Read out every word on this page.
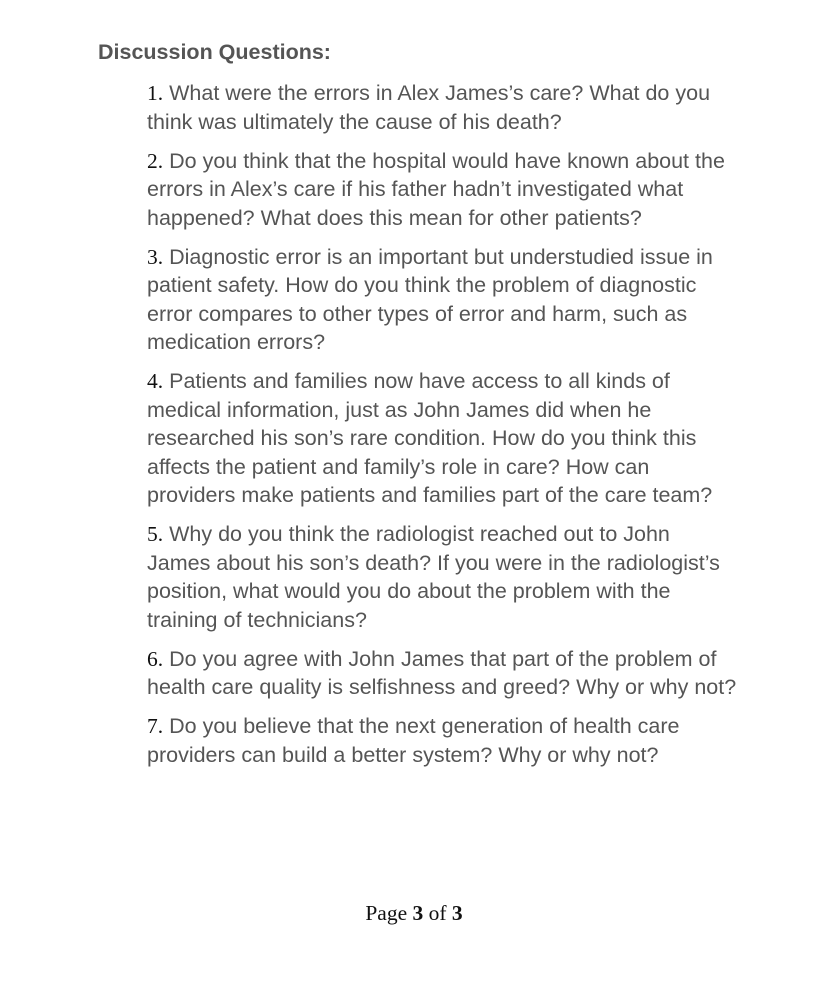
Discussion Questions:
1. What were the errors in Alex James’s care? What do you think was ultimately the cause of his death?
2. Do you think that the hospital would have known about the errors in Alex’s care if his father hadn’t investigated what happened? What does this mean for other patients?
3. Diagnostic error is an important but understudied issue in patient safety. How do you think the problem of diagnostic error compares to other types of error and harm, such as medication errors?
4. Patients and families now have access to all kinds of medical information, just as John James did when he researched his son’s rare condition. How do you think this affects the patient and family’s role in care? How can providers make patients and families part of the care team?
5. Why do you think the radiologist reached out to John James about his son’s death? If you were in the radiologist’s position, what would you do about the problem with the training of technicians?
6. Do you agree with John James that part of the problem of health care quality is selfishness and greed? Why or why not?
7. Do you believe that the next generation of health care providers can build a better system? Why or why not?
Page 3 of 3
